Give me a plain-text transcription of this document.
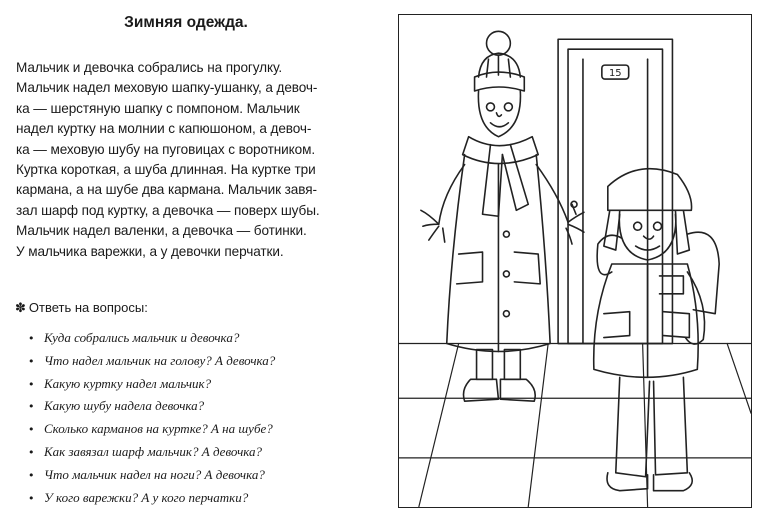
Зимняя одежда.
Мальчик и девочка собрались на прогулку.
Мальчик надел меховую шапку-ушанку, а девоч-
ка — шерстяную шапку с помпоном. Мальчик
надел куртку на молнии с капюшоном, а девоч-
ка — меховую шубу на пуговицах с воротником.
Куртка короткая, а шуба длинная. На куртке три
кармана, а на шубе два кармана. Мальчик завя-
зал шарф под куртку, а девочка — поверх шубы.
Мальчик надел валенки, а девочка — ботинки.
У мальчика варежки, а у девочки перчатки.
✽ Ответь на вопросы:
• Куда собрались мальчик и девочка?
• Что надел мальчик на голову? А девочка?
• Какую куртку надел мальчик?
• Какую шубу надела девочка?
• Сколько карманов на куртке? А на шубе?
• Как завязал шарф мальчик? А девочка?
• Что мальчик надел на ноги? А девочка?
• У кого варежки? А у кого перчатки?
15
